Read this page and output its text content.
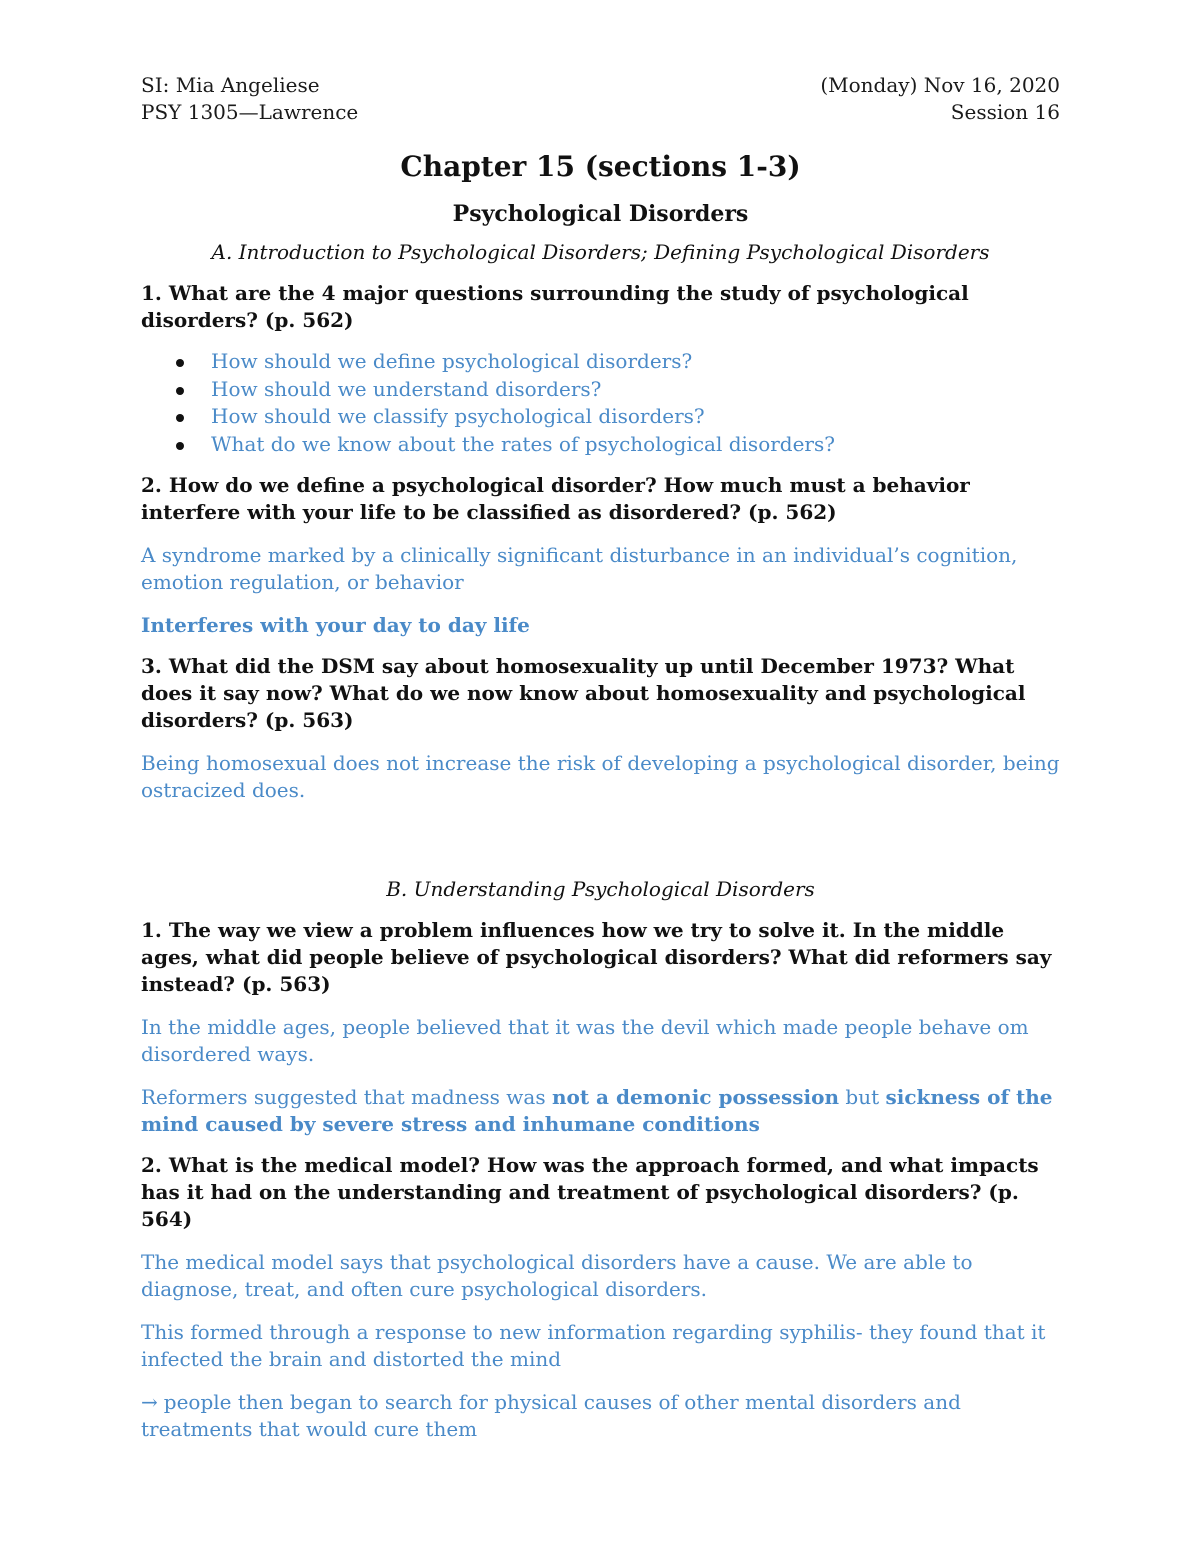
SI: Mia Angeliese
PSY 1305—Lawrence
(Monday) Nov 16, 2020
Session 16
Chapter 15 (sections 1-3)
Psychological Disorders
A. Introduction to Psychological Disorders; Defining Psychological Disorders
1. What are the 4 major questions surrounding the study of psychological disorders? (p. 562)
How should we define psychological disorders?
How should we understand disorders?
How should we classify psychological disorders?
What do we know about the rates of psychological disorders?
2. How do we define a psychological disorder? How much must a behavior interfere with your life to be classified as disordered? (p. 562)
A syndrome marked by a clinically significant disturbance in an individual’s cognition, emotion regulation, or behavior
Interferes with your day to day life
3. What did the DSM say about homosexuality up until December 1973? What does it say now? What do we now know about homosexuality and psychological disorders? (p. 563)
Being homosexual does not increase the risk of developing a psychological disorder, being ostracized does.
B. Understanding Psychological Disorders
1. The way we view a problem influences how we try to solve it. In the middle ages, what did people believe of psychological disorders? What did reformers say instead? (p. 563)
In the middle ages, people believed that it was the devil which made people behave om disordered ways.
Reformers suggested that madness was not a demonic possession but sickness of the mind caused by severe stress and inhumane conditions
2. What is the medical model? How was the approach formed, and what impacts has it had on the understanding and treatment of psychological disorders? (p. 564)
The medical model says that psychological disorders have a cause. We are able to diagnose, treat, and often cure psychological disorders.
This formed through a response to new information regarding syphilis- they found that it infected the brain and distorted the mind
→ people then began to search for physical causes of other mental disorders and treatments that would cure them
